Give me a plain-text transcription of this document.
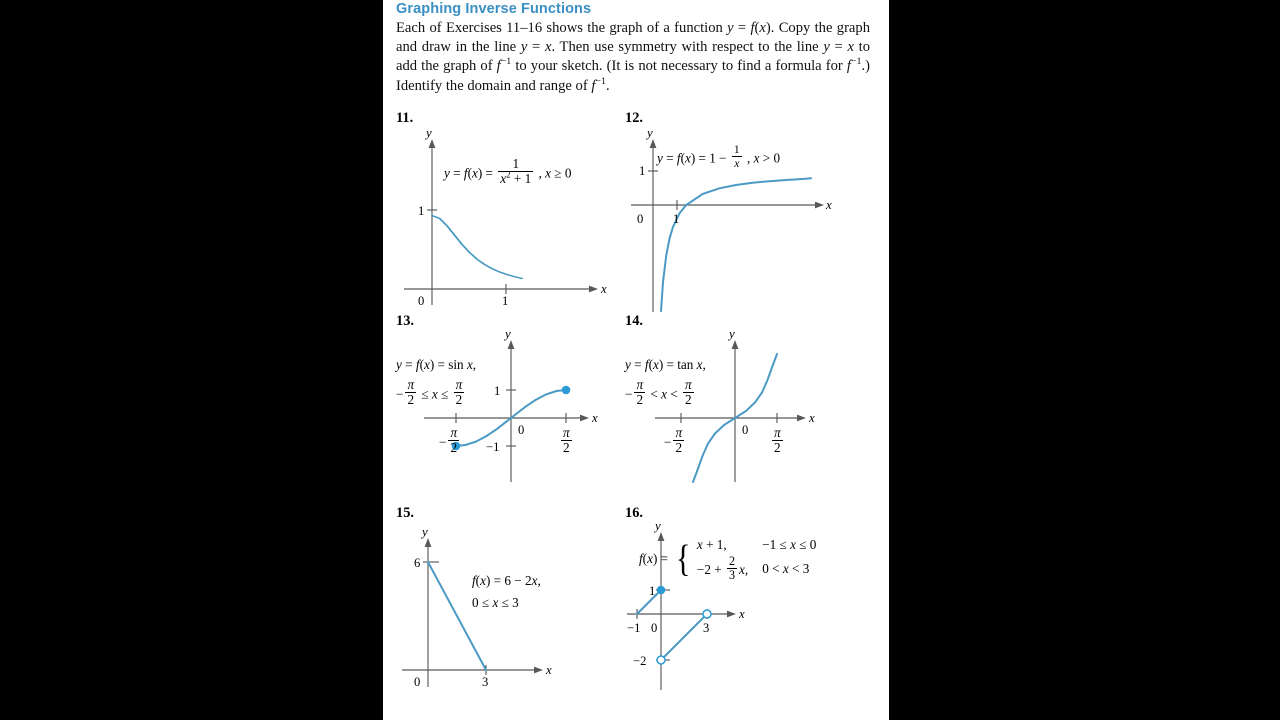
Graphing Inverse Functions
Each of Exercises 11–16 shows the graph of a function y = f(x). Copy the graph and draw in the line y = x. Then use symmetry with respect to the line y = x to add the graph of $f^{-1}$ to your sketch. (It is not necessary to find a formula for $f^{-1}$.) Identify the domain and range of $f^{-1}$.
11.
1
0	1
x
y
$y = f(x) = \frac{1}{x^2 + 1}$ , x ≥ 0
12.
1
0 1
x
y
$y = f(x) = 1 - \frac{1}{x}$ , x > 0
13.
0
x
y
1
−1
− $\frac{\pi}{2}$	$\frac{\pi}{2}$
y = f(x) = sin x,
− $\frac{\pi}{2} \le x \le \frac{\pi}{2}$
14.
0
x
y
− $\frac{\pi}{2}$	$\frac{\pi}{2}$
y = f(x) = tan x,
− $\frac{\pi}{2} < x < \frac{\pi}{2}$
15.
6
0	3
x
y
f(x) = 6 − 2x,
0 ≤ x ≤ 3
16.
−1 0	3
−2
1
x
y
f(x) = { x + 1,	−1 ≤ x ≤ 0
$-2 + \frac{2}{3} x$,	0 < x < 3
